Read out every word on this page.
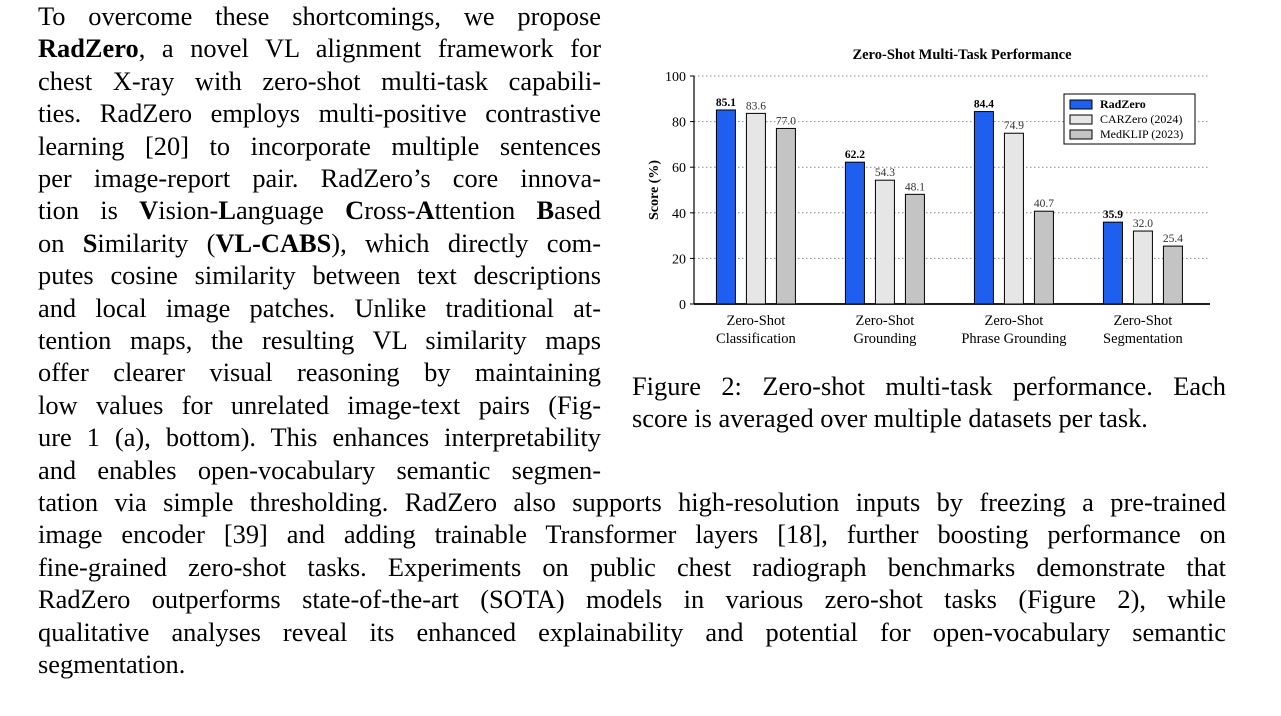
To overcome these shortcomings, we propose
RadZero, a novel VL alignment framework for
chest X-ray with zero-shot multi-task capabili-
ties. RadZero employs multi-positive contrastive
learning [20] to incorporate multiple sentences
per image-report pair. RadZero’s core innova-
tion is Vision-Language Cross-Attention Based
on Similarity (VL-CABS), which directly com-
putes cosine similarity between text descriptions
and local image patches. Unlike traditional at-
tention maps, the resulting VL similarity maps
offer clearer visual reasoning by maintaining
low values for unrelated image-text pairs (Fig-
ure 1 (a), bottom). This enhances interpretability
and enables open-vocabulary semantic segmen-
Zero-Shot Multi-Task Performance
0
20
40
60
80
100
Score (%)
85.1 83.6
77.0
Zero-Shot
Classification
62.2
54.3
48.1
Zero-Shot
Grounding
84.4
74.9
40.7
Zero-Shot
Phrase Grounding
35.9
32.0
25.4
Zero-Shot
Segmentation
RadZero
CARZero (2024)
MedKLIP (2023)
Figure 2: Zero-shot multi-task performance. Each
score is averaged over multiple datasets per task.
tation via simple thresholding. RadZero also supports high-resolution inputs by freezing a pre-trained
image encoder [39] and adding trainable Transformer layers [18], further boosting performance on
fine-grained zero-shot tasks. Experiments on public chest radiograph benchmarks demonstrate that
RadZero outperforms state-of-the-art (SOTA) models in various zero-shot tasks (Figure 2), while
qualitative analyses reveal its enhanced explainability and potential for open-vocabulary semantic
segmentation.
